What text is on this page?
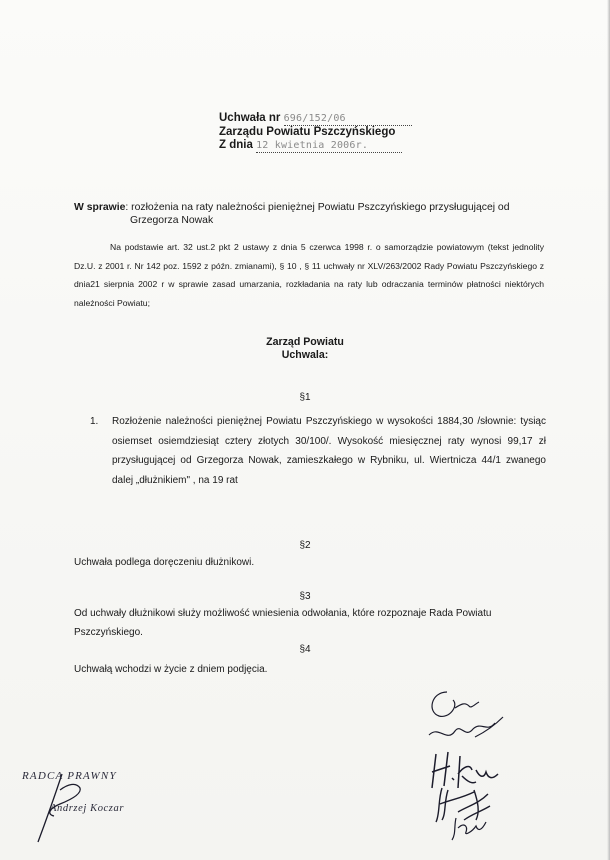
Uchwała nr 696/152/06
Zarządu Powiatu Pszczyńskiego
Z dnia 12 kwietnia 2006r.
W sprawie: rozłożenia na raty należności pieniężnej Powiatu Pszczyńskiego przysługującej od
Grzegorza Nowak
Na podstawie art. 32 ust.2 pkt 2 ustawy z dnia 5 czerwca 1998 r. o samorządzie powiatowym (tekst jednolity Dz.U. z 2001 r. Nr 142 poz. 1592 z późn. zmianami), § 10 , § 11 uchwały nr XLV/263/2002 Rady Powiatu Pszczyńskiego z dnia21 sierpnia 2002 r w sprawie zasad umarzania, rozkładania na raty lub odraczania terminów płatności niektórych należności Powiatu;
Zarząd Powiatu
Uchwala:
§1
1.	Rozłożenie należności pieniężnej Powiatu Pszczyńskiego w wysokości 1884,30 /słownie: tysiąc osiemset osiemdziesiąt cztery złotych 30/100/. Wysokość miesięcznej raty wynosi 99,17 zł przysługującej od Grzegorza Nowak, zamieszkałego w Rybniku, ul. Wiertnicza 44/1 zwanego dalej „dłużnikiem" , na 19 rat
§2
Uchwała podlega doręczeniu dłużnikowi.
§3
Od uchwały dłużnikowi służy możliwość wniesienia odwołania, które rozpoznaje Rada Powiatu Pszczyńskiego.
§4
Uchwałą wchodzi w życie z dniem podjęcia.
RADCA PRAWNY
Andrzej Koczar
